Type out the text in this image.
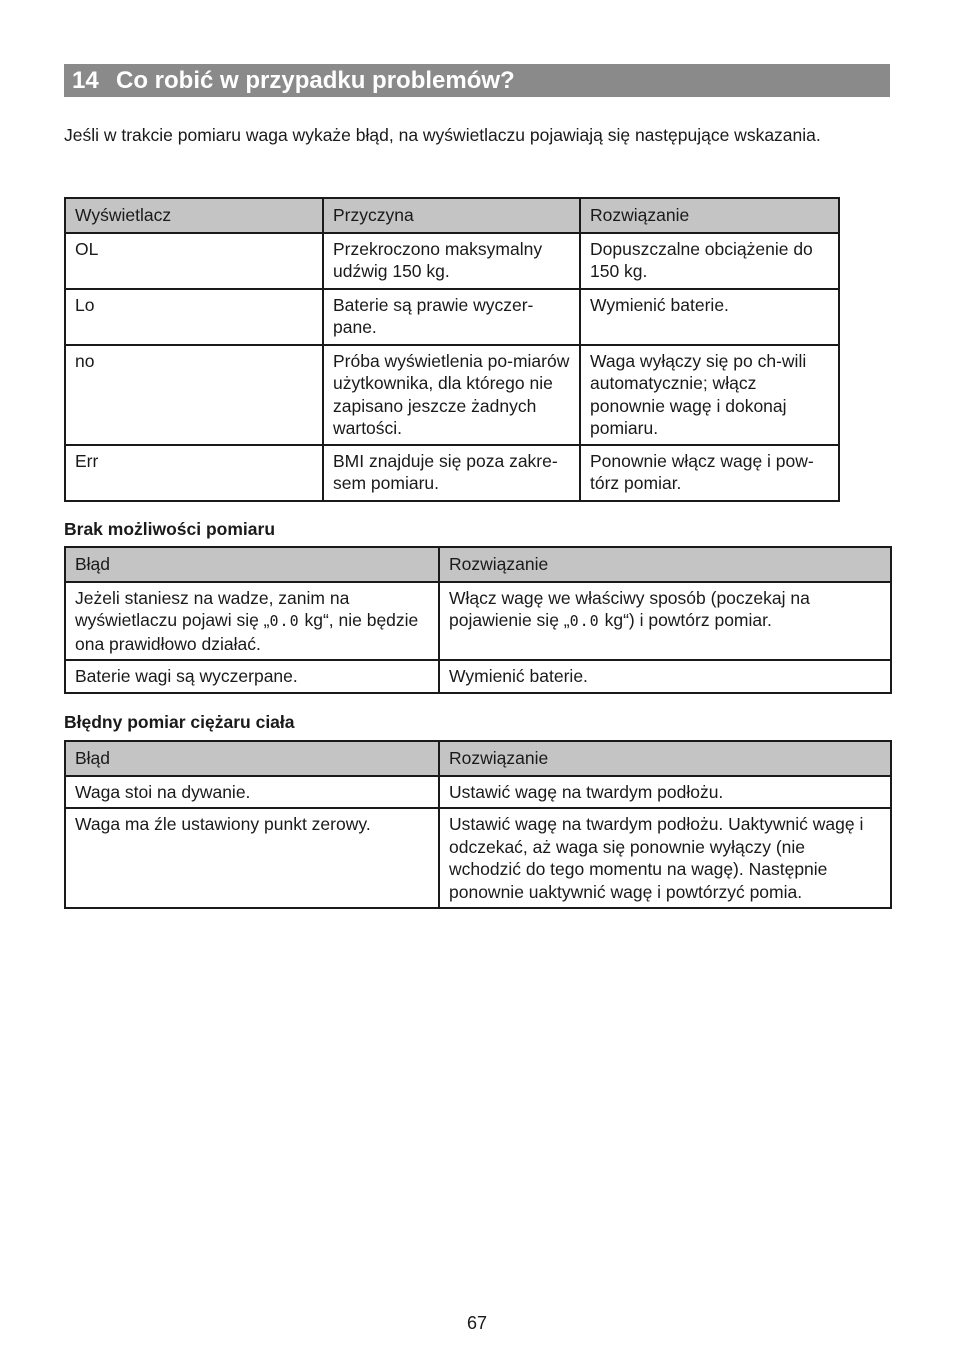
14 Co robić w przypadku problemów?
Jeśli w trakcie pomiaru waga wykaże błąd, na wyświetlaczu pojawiają się następujące wskazania.
Wyświetlacz	Przyczyna	Rozwiązanie
OL	Przekroczono maksymalny udźwig 150 kg.	Dopuszczalne obciążenie do 150 kg.
Lo	Baterie są prawie wyczer-pane.	Wymienić baterie.
no	Próba wyświetlenia po-miarów użytkownika, dla którego nie zapisano jeszcze żadnych wartości.	Waga wyłączy się po ch-wili automatycznie; włącz ponownie wagę i dokonaj pomiaru.
Err	BMI znajduje się poza zakre-sem pomiaru.	Ponownie włącz wagę i pow-tórz pomiar.
Brak możliwości pomiaru
Błąd	Rozwiązanie
Jeżeli staniesz na wadze, zanim na wyświetlaczu pojawi się „0.0 kg“, nie będzie ona prawidłowo działać.	Włącz wagę we właściwy sposób (poczekaj na pojawienie się „0.0 kg“) i powtórz pomiar.
Baterie wagi są wyczerpane.	Wymienić baterie.
Błędny pomiar ciężaru ciała
Błąd	Rozwiązanie
Waga stoi na dywanie.	Ustawić wagę na twardym podłożu.
Waga ma źle ustawiony punkt zerowy.	Ustawić wagę na twardym podłożu. Uaktywnić wagę i odczekać, aż waga się ponownie wyłączy (nie wchodzić do tego momentu na wagę). Następnie ponownie uaktywnić wagę i powtórzyć pomia.
67
